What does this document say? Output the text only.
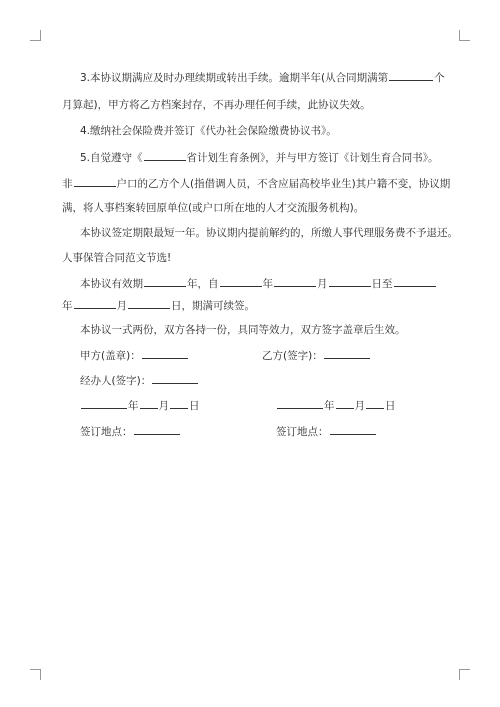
3.本协议期满应及时办理续期或转出手续。逾期半年(从合同期满第	个
月算起)，甲方将乙方档案封存，不再办理任何手续，此协议失效。
4.缴纳社会保险费并签订《代办社会保险缴费协议书》。
5.自觉遵守《	省计划生育条例》，并与甲方签订《计划生育合同书》。
非	户口的乙方个人(指借调人员，不含应届高校毕业生)其户籍不变，协议期
满，将人事档案转回原单位(或户口所在地的人才交流服务机构)。
本协议签定期限最短一年。协议期内提前解约的，所缴人事代理服务费不予退还。
人事保管合同范文节选!
本协议有效期	年，自	年	月	日至
年	月	日，期满可续签。
本协议一式两份，双方各持一份，具同等效力，双方签字盖章后生效。
甲方(盖章)：	乙方(签字)：
经办人(签字)：
年 月 日	年 月 日
签订地点：	签订地点：
